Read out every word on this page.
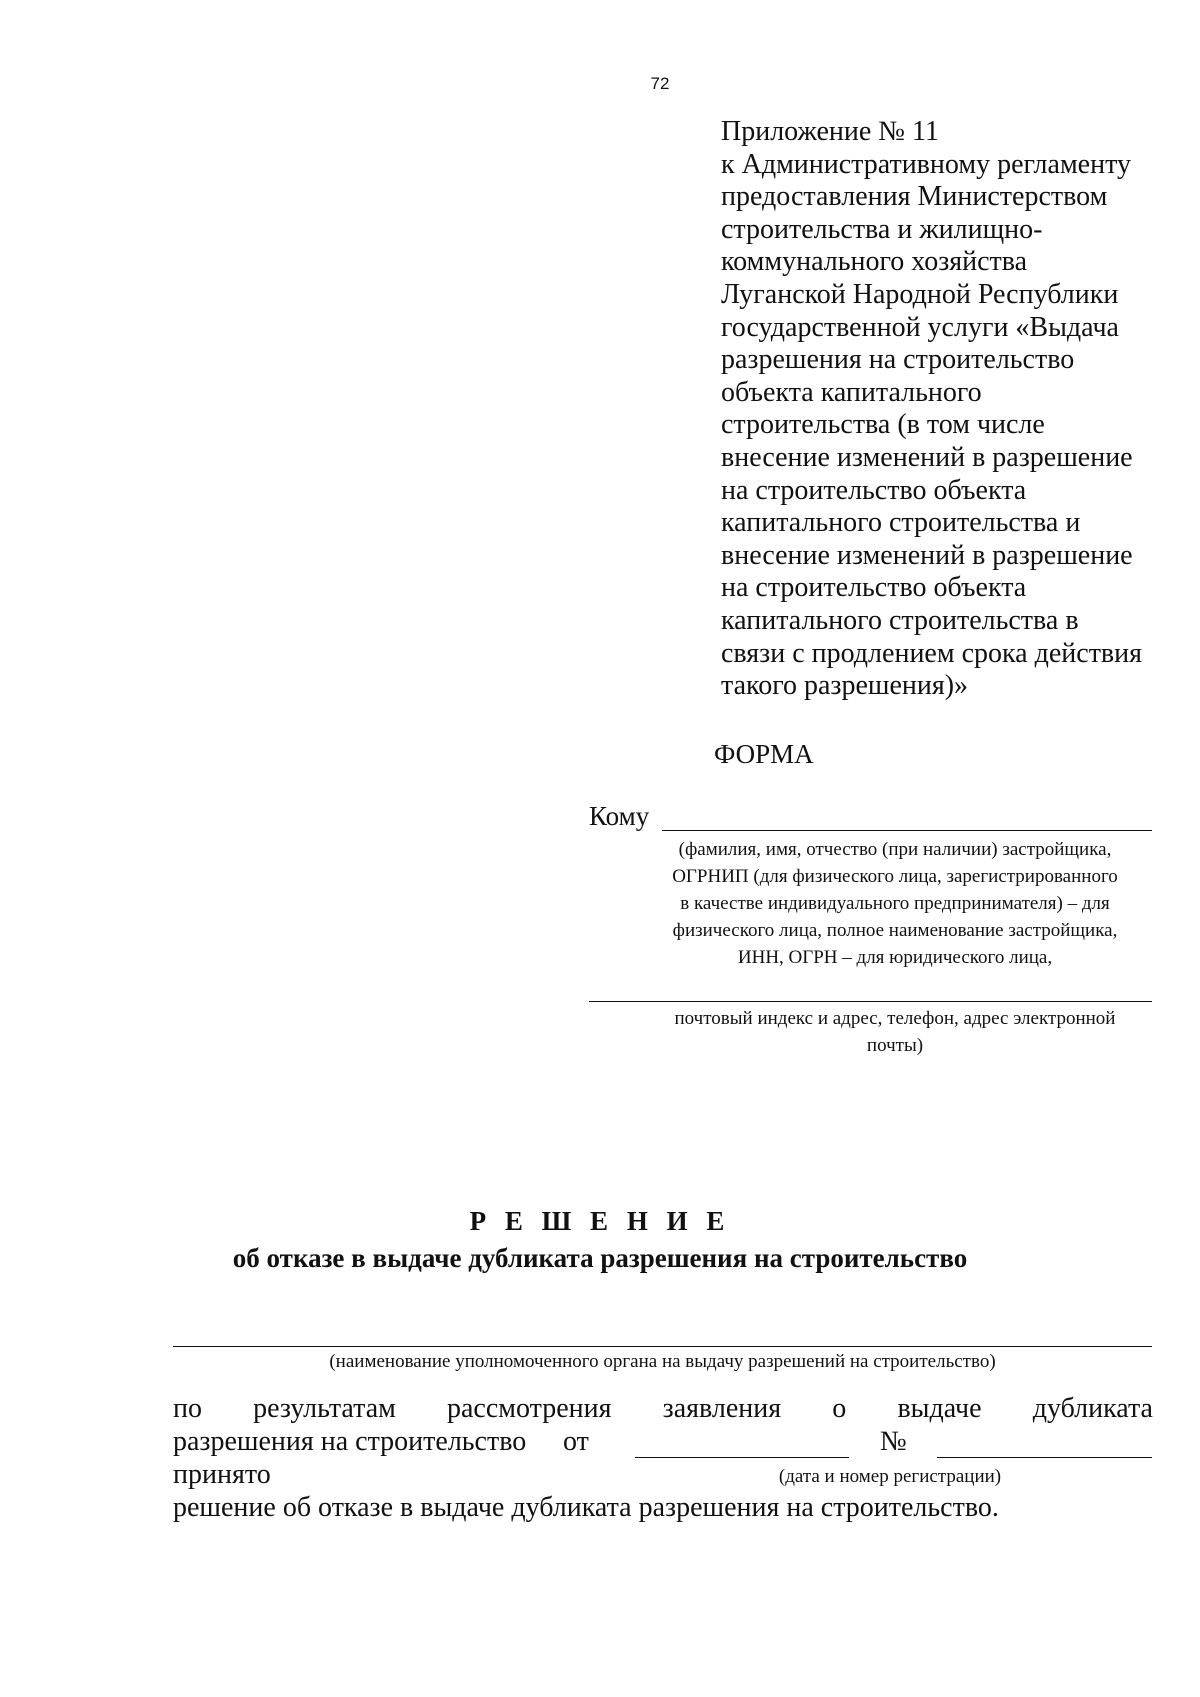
72
Приложение № 11
к Административному регламенту
предоставления Министерством
строительства и жилищно-
коммунального хозяйства
Луганской Народной Республики
государственной услуги «Выдача
разрешения на строительство
объекта капитального
строительства (в том числе
внесение изменений в разрешение
на строительство объекта
капитального строительства и
внесение изменений в разрешение
на строительство объекта
капитального строительства в
связи с продлением срока действия
такого разрешения)»
ФОРМА
Кому
(фамилия, имя, отчество (при наличии) застройщика,
ОГРНИП (для физического лица, зарегистрированного
в качестве индивидуального предпринимателя) – для
физического лица, полное наименование застройщика,
ИНН, ОГРН – для юридического лица,
почтовый индекс и адрес, телефон, адрес электронной
почты)
Р Е Ш Е Н И Е
об отказе в выдаче дубликата разрешения на строительство
(наименование уполномоченного органа на выдачу разрешений на строительство)
по результатам рассмотрения заявления о выдаче дубликата
разрешения на строительство от	№
принято	(дата и номер регистрации)
решение об отказе в выдаче дубликата разрешения на строительство.
